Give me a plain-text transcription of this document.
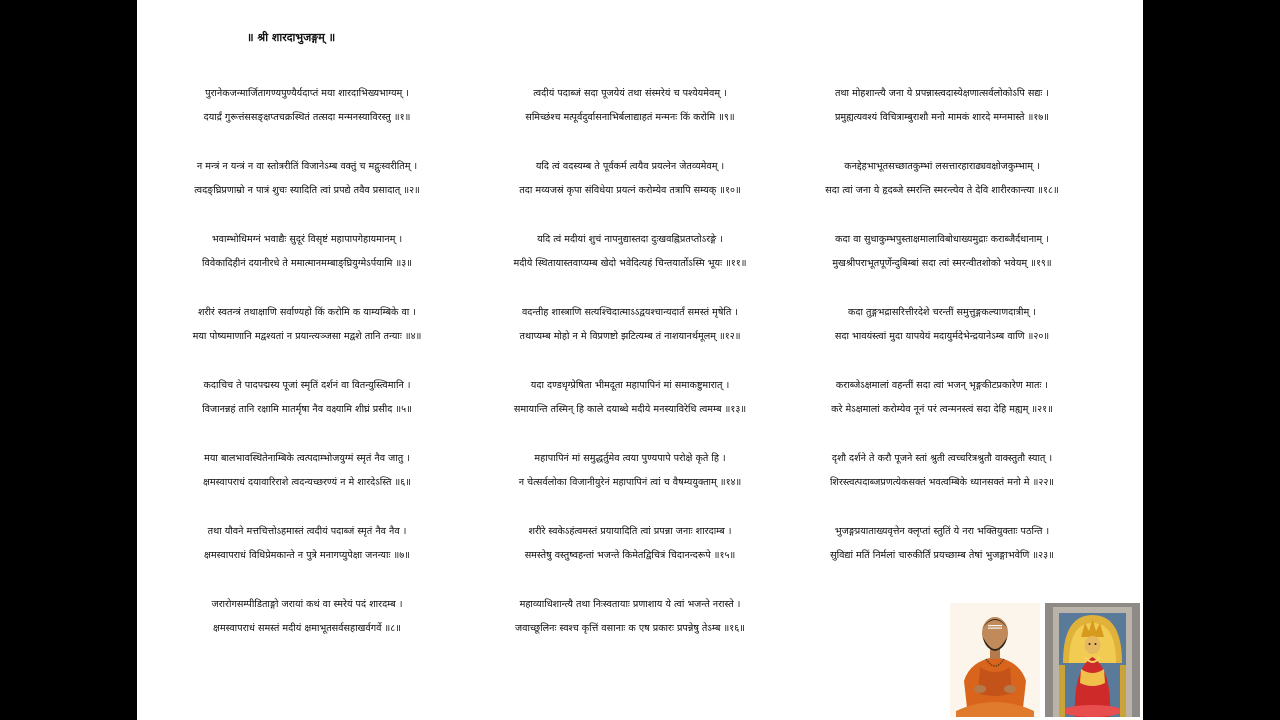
॥ श्री शारदाभुजङ्गम् ॥
पुरानेकजन्मार्जितागण्यपुण्यैर्यदाप्तं मया शारदाभिख्यभाग्यम् ।
दयार्द्रं गुरूत्तंससङ्क्षप्तचक्रस्थितं तत्सदा मन्मनस्याविरस्तु ॥१॥
न मन्त्रं न यन्त्रं न वा स्तोत्ररीतिं विजानेऽम्ब वक्तुं च मद्गुःस्वरीतिम् ।
त्वदङ्घ्रिप्रणाम्रो न पात्रं शुचः स्यादिति त्वां प्रपद्ये तवैव प्रसादात् ॥२॥
भवाम्भोधिमग्नं भवाद्यैः सुदूरं विसृष्टं महापापगेहायमानम् ।
विवेकादिहीनं दयानीरधे ते ममात्मानमम्बाङ्घ्रियुग्मेऽर्पयामि ॥३॥
शरीरं स्वतन्त्रं तथाक्षाणि सर्वाण्यहो किं करोमि क याम्यम्बिके वा ।
मया पोष्यमाणानि मद्वश्यतां न प्रयान्त्यञ्जसा मद्वशे तानि तन्याः ॥४॥
कदाचिच ते पादपद्मस्य पूजां स्मृतिं दर्शनं वा वितन्युस्त्विमानि ।
विजानन्नहं तानि रक्षामि मातर्मृषा नैव वक्ष्यामि शीघ्रं प्रसीद ॥५॥
मया बालभावस्थितेनाम्बिके त्वत्पदाम्भोजयुग्मं स्मृतं नैव जातु ।
क्षमस्वापराधं दयावारिराशे त्वदन्यच्छरण्यं न मे शारदेऽस्ति ॥६॥
तथा यौवने मत्तचित्तोऽहमास्तं त्वदीयं पदाब्जं स्मृतं नैव नैव ।
क्षमस्वापराधं विधिप्रेमकान्ते न पुत्रे मनागप्युपेक्षा जनन्याः ॥७॥
जरारोगसम्पीडिताङ्गो जरायां कथं वा स्मरेयं पदं शारदम्ब ।
क्षमस्वापराधं समस्तं मदीयं क्षमाभूतसर्वसहाखर्वगर्वे ॥८॥
त्वदीयं पदाब्जं सदा पूजयेयं तथा संस्मरेयं च पश्येयमेवम् ।
समिच्छंश्च मत्पूर्वदुर्वासनाभिर्बलाद्याहतं मन्मनः किं करोमि ॥९॥
यदि त्वं वदस्यम्ब ते पूर्वकर्म त्वयैव प्रयत्नेन जेतव्यमेवम् ।
तदा मय्यजस्रं कृपा संविधेया प्रयत्नं करोम्येव तत्रापि सम्यक् ॥१०॥
यदि त्वं मदीयां शुचं नापनुद्यास्तदा दुःखवह्निप्रतप्तोऽरङ्गे ।
मदीये स्थितायास्तवाप्यम्ब खेदो भवेदित्यहं चिन्तयार्तोऽस्मि भूयः ॥११॥
वदन्तीह शास्त्राणि सत्यश्चिदात्माऽऽद्वयश्चान्यदार्तं समस्तं मृषेति ।
तथाप्यम्ब मोहो न मे विप्रणष्टो झटित्यम्ब तं नाशयानर्थमूलम् ॥१२॥
यदा दण्डधृग्प्रेषिता भीमदूता महापापिनं मां समाकष्टुमारात् ।
समायान्ति तस्मिन् हि काले दयाब्धे मदीये मनस्याविरेधि त्वमम्ब ॥१३॥
महापापिनं मां समुद्धर्तुमेव त्वया पुण्यपापे परोक्षे कृते हि ।
न चेत्सर्वलोका विजानीयुरेनं महापापिनं त्वां च वैषम्ययुक्ताम् ॥१४॥
शरीरे स्वकेऽहंत्वमस्तं प्रयायादिति त्वां प्रपन्ना जनाः शारदाम्ब ।
समस्तेषु वस्तुष्वहन्तां भजन्ते किमेतद्विचित्रं चिदानन्दरूपे ॥१५॥
महाव्याधिशान्त्यै तथा निःस्वतायाः प्रणाशाय ये त्वां भजन्ते नरास्ते ।
जवाच्छूलिनः स्वश्च कृत्तिं वसानाः क एष प्रकारः प्रपन्नेषु तेऽम्ब ॥१६॥
तथा मोहशान्त्यै जना ये प्रपन्नास्त्वदास्येक्षणात्सर्वलोकोऽपि सद्यः ।
प्रमुह्यत्यवश्यं विचित्राम्बुराशौ मनो मामकं शारदे मग्नमास्ते ॥१७॥
कनद्देहभाभूतसच्छातकुम्भां लसत्तारहाराढ्यवक्षोजकुम्भाम् ।
सदा त्वां जना ये हृदब्जे स्मरन्ति स्मरन्त्येव ते देवि शारीरकान्त्या ॥१८॥
कदा वा सुधाकुम्भपुस्ताक्षमालाविबोधाख्यमुद्राः कराब्जैर्दधानाम् ।
मुखश्रीपराभूतपूर्णेन्दुबिम्बां सदा त्वां स्मरन्वीतशोको भवेयम् ॥१९॥
कदा तुङ्गभद्रासरित्तीरदेशे चरन्तीं समुत्तुङ्गकल्याणदात्रीम् ।
सदा भावयंस्त्वां मुदा यापयेयं मदायुर्मदेभेन्द्रयानेऽम्ब वाणि ॥२०॥
कराब्जेऽक्षमालां वहन्तीं सदा त्वां भजन् भृङ्गकीटप्रकारेण मातः ।
करे मेऽक्षमालां करोम्येव नूनं परं त्वन्मनस्त्वं सदा देहि मह्यम् ॥२१॥
दृशौ दर्शने ते करौ पूजने स्तां श्रुती त्वच्चरित्रश्रुतौ वाक्स्तुतौ स्यात् ।
शिरस्त्वत्पदाब्जप्रणत्येकसक्तं भवत्वम्बिके ध्यानसक्तं मनो मे ॥२२॥
भुजङ्गप्रयाताख्यवृत्तेन क्लृप्तां स्तुतिं ये नरा भक्तियुक्ताः पठन्ति ।
सुविद्यां मतिं निर्मलां चारुकीर्तिं प्रयच्छाम्ब तेषां भुजङ्गाभवेणि ॥२३॥
